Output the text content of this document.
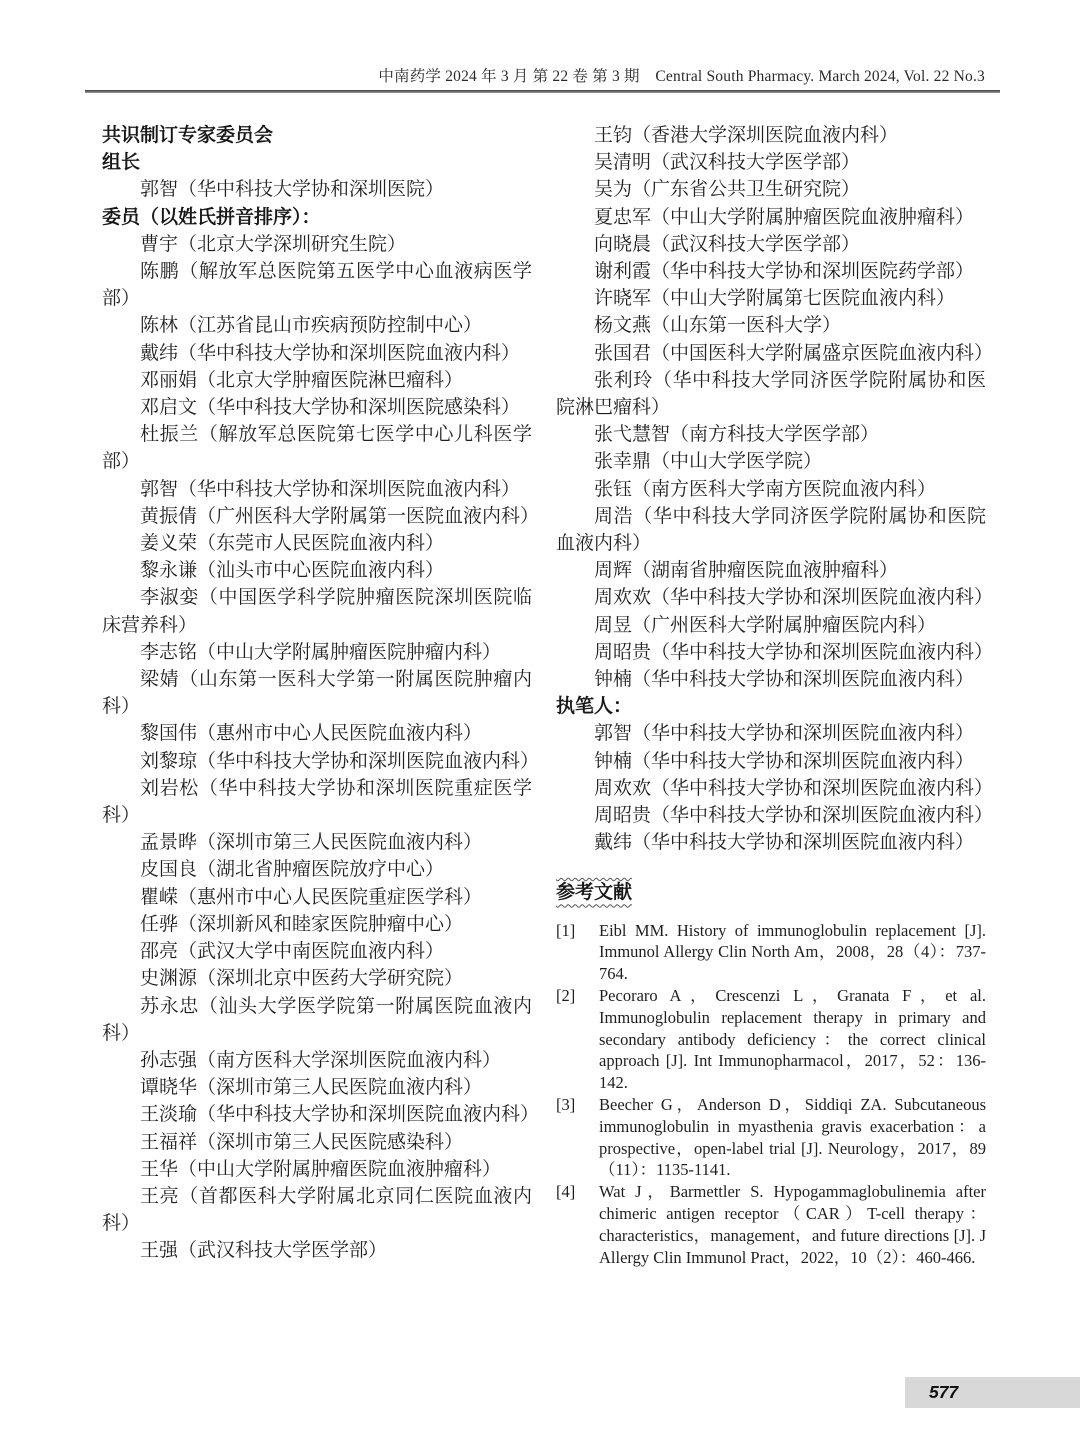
中南药学 2024 年 3 月 第 22 卷 第 3 期　Central South Pharmacy. March 2024, Vol. 22 No.3

共识制订专家委员会

组长

郭智（华中科技大学协和深圳医院）

委员（以姓氏拼音排序）：

曹宇（北京大学深圳研究生院）

陈鹏（解放军总医院第五医学中心血液病医学部）

陈林（江苏省昆山市疾病预防控制中心）

戴纬（华中科技大学协和深圳医院血液内科）

邓丽娟（北京大学肿瘤医院淋巴瘤科）

邓启文（华中科技大学协和深圳医院感染科）

杜振兰（解放军总医院第七医学中心儿科医学部）

郭智（华中科技大学协和深圳医院血液内科）

黄振倩（广州医科大学附属第一医院血液内科）

姜义荣（东莞市人民医院血液内科）

黎永谦（汕头市中心医院血液内科）

李淑娈（中国医学科学院肿瘤医院深圳医院临床营养科）

李志铭（中山大学附属肿瘤医院肿瘤内科）

梁婧（山东第一医科大学第一附属医院肿瘤内科）

黎国伟（惠州市中心人民医院血液内科）

刘黎琼（华中科技大学协和深圳医院血液内科）

刘岩松（华中科技大学协和深圳医院重症医学科）

孟景晔（深圳市第三人民医院血液内科）

皮国良（湖北省肿瘤医院放疗中心）

瞿嵘（惠州市中心人民医院重症医学科）

任骅（深圳新风和睦家医院肿瘤中心）

邵亮（武汉大学中南医院血液内科）

史渊源（深圳北京中医药大学研究院）

苏永忠（汕头大学医学院第一附属医院血液内科）

孙志强（南方医科大学深圳医院血液内科）

谭晓华（深圳市第三人民医院血液内科）

王淡瑜（华中科技大学协和深圳医院血液内科）

王福祥（深圳市第三人民医院感染科）

王华（中山大学附属肿瘤医院血液肿瘤科）

王亮（首都医科大学附属北京同仁医院血液内科）

王强（武汉科技大学医学部）

王钧（香港大学深圳医院血液内科）

吴清明（武汉科技大学医学部）

吴为（广东省公共卫生研究院）

夏忠军（中山大学附属肿瘤医院血液肿瘤科）

向晓晨（武汉科技大学医学部）

谢利霞（华中科技大学协和深圳医院药学部）

许晓军（中山大学附属第七医院血液内科）

杨文燕（山东第一医科大学）

张国君（中国医科大学附属盛京医院血液内科）

张利玲（华中科技大学同济医学院附属协和医院淋巴瘤科）

张弋慧智（南方科技大学医学部）

张幸鼎（中山大学医学院）

张钰（南方医科大学南方医院血液内科）

周浩（华中科技大学同济医学院附属协和医院血液内科）

周辉（湖南省肿瘤医院血液肿瘤科）

周欢欢（华中科技大学协和深圳医院血液内科）

周昱（广州医科大学附属肿瘤医院内科）

周昭贵（华中科技大学协和深圳医院血液内科）

钟楠（华中科技大学协和深圳医院血液内科）

执笔人：

郭智（华中科技大学协和深圳医院血液内科）

钟楠（华中科技大学协和深圳医院血液内科）

周欢欢（华中科技大学协和深圳医院血液内科）

周昭贵（华中科技大学协和深圳医院血液内科）

戴纬（华中科技大学协和深圳医院血液内科）

参考文献
[1] Eibl MM. History of immunoglobulin replacement [J]. Immunol Allergy Clin North Am，2008，28（4）：737-764.
[2] Pecoraro A，Crescenzi L，Granata F，et al. Immunoglobulin replacement therapy in primary and secondary antibody deficiency：the correct clinical approach [J]. Int Immunopharmacol，2017，52：136-142.
[3] Beecher G，Anderson D，Siddiqi ZA. Subcutaneous immunoglobulin in myasthenia gravis exacerbation：a prospective，open-label trial [J]. Neurology，2017，89（11）：1135-1141.
[4] Wat J，Barmettler S. Hypogammaglobulinemia after chimeric antigen receptor（CAR）T-cell therapy：characteristics，management，and future directions [J]. J Allergy Clin Immunol Pract，2022，10（2）：460-466.
577
